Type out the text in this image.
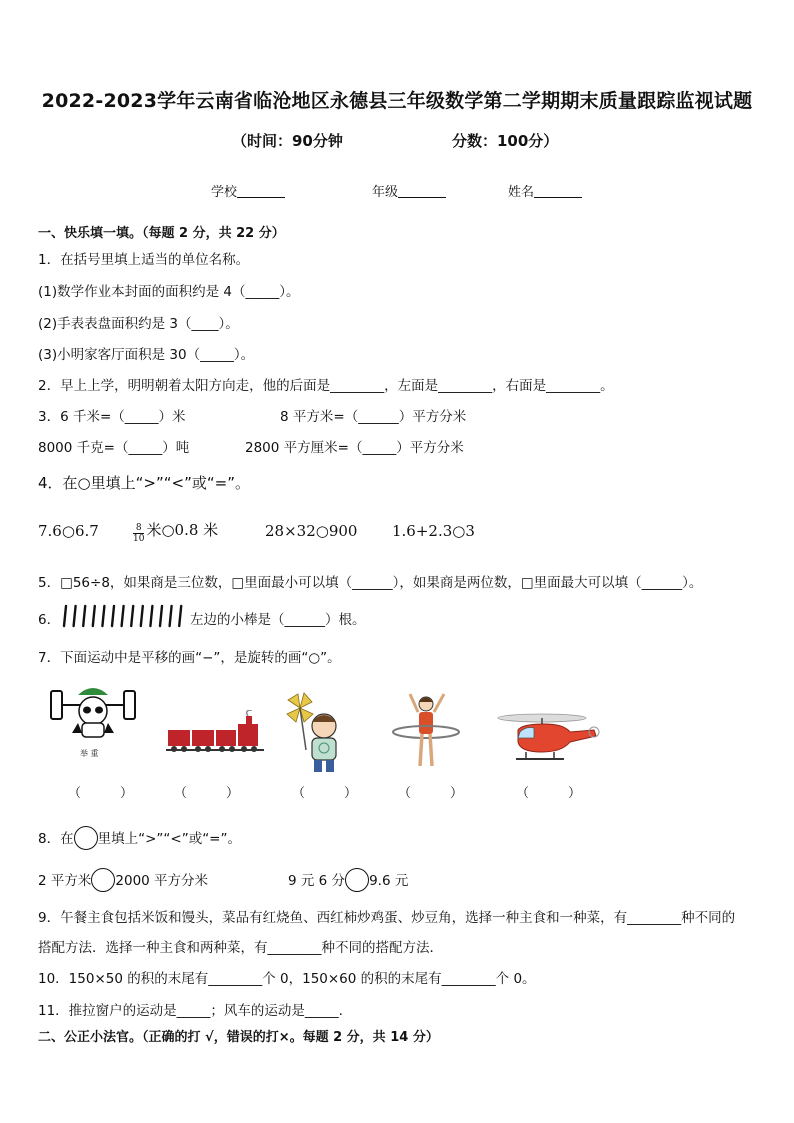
2022-2023学年云南省临沧地区永德县三年级数学第二学期期末质量跟踪监视试题
（时间：90分钟	分数：100分）
学校	年级	姓名
一、快乐填一填。（每题 2 分，共 22 分）
1．在括号里填上适当的单位名称。
(1)数学作业本封面的面积约是 4（_____）。
(2)手表表盘面积约是 3（____）。
(3)小明家客厅面积是 30（_____）。
2．早上上学，明明朝着太阳方向走，他的后面是________，左面是________，右面是________。
3．6 千米=（_____）米	8 平方米=（______）平方分米
8000 千克=（_____）吨	2800 平方厘米=（_____）平方分米
4．在○里填上“>”“<”或“=”。
7.6○6.7	$\frac{8}{10}$ 米○0.8 米	28×32○900 1.6+2.3○3
5．□56÷8，如果商是三位数，□里面最小可以填（______），如果商是两位数，□里面最大可以填（______）。
6．	左边的小棒是（______）根。
7．下面运动中是平移的画“−”，是旋转的画“○”。
举 重
（　　　）	（　　　）	（　　　）	（　　　）	（　　　）
8．在 里填上“>”“<”或“=”。
2 平方米 2000 平方分米	9 元 6 分 9.6 元
9．午餐主食包括米饭和馒头，菜品有红烧鱼、西红柿炒鸡蛋、炒豆角，选择一种主食和一种菜，有________种不同的
搭配方法．选择一种主食和两种菜，有________种不同的搭配方法．
10．150×50 的积的末尾有________个 0，150×60 的积的末尾有________个 0。
11．推拉窗户的运动是_____；风车的运动是_____.
二、公正小法官。（正确的打 √，错误的打×。每题 2 分，共 14 分）
